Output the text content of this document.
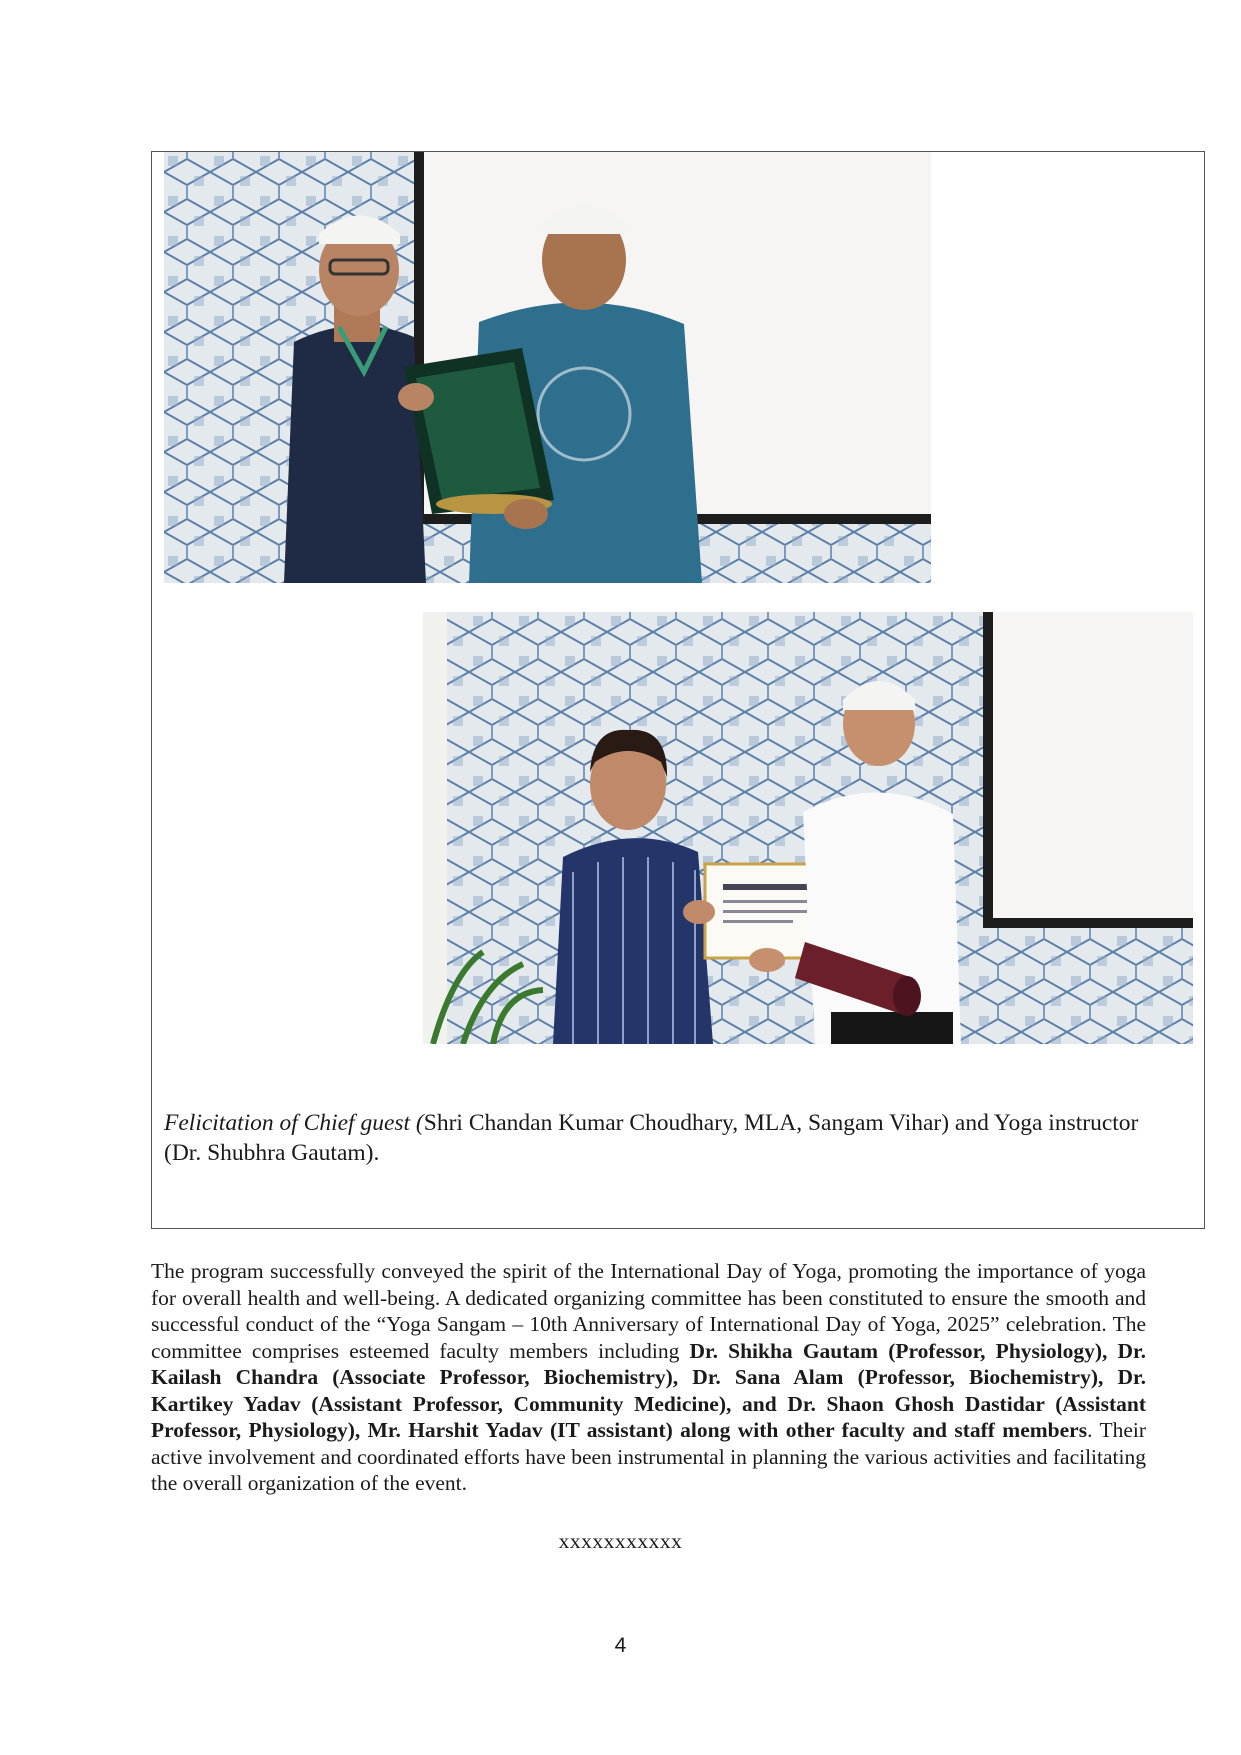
Felicitation of Chief guest (Shri Chandan Kumar Choudhary, MLA, Sangam Vihar) and Yoga instructor (Dr. Shubhra Gautam).
The program successfully conveyed the spirit of the International Day of Yoga, promoting the importance of yoga for overall health and well-being. A dedicated organizing committee has been constituted to ensure the smooth and successful conduct of the “Yoga Sangam – 10th Anniversary of International Day of Yoga, 2025” celebration. The committee comprises esteemed faculty members including Dr. Shikha Gautam (Professor, Physiology), Dr. Kailash Chandra (Associate Professor, Biochemistry), Dr. Sana Alam (Professor, Biochemistry), Dr. Kartikey Yadav (Assistant Professor, Community Medicine), and Dr. Shaon Ghosh Dastidar (Assistant Professor, Physiology), Mr. Harshit Yadav (IT assistant) along with other faculty and staff members. Their active involvement and coordinated efforts have been instrumental in planning the various activities and facilitating the overall organization of the event.
xxxxxxxxxxx
4
